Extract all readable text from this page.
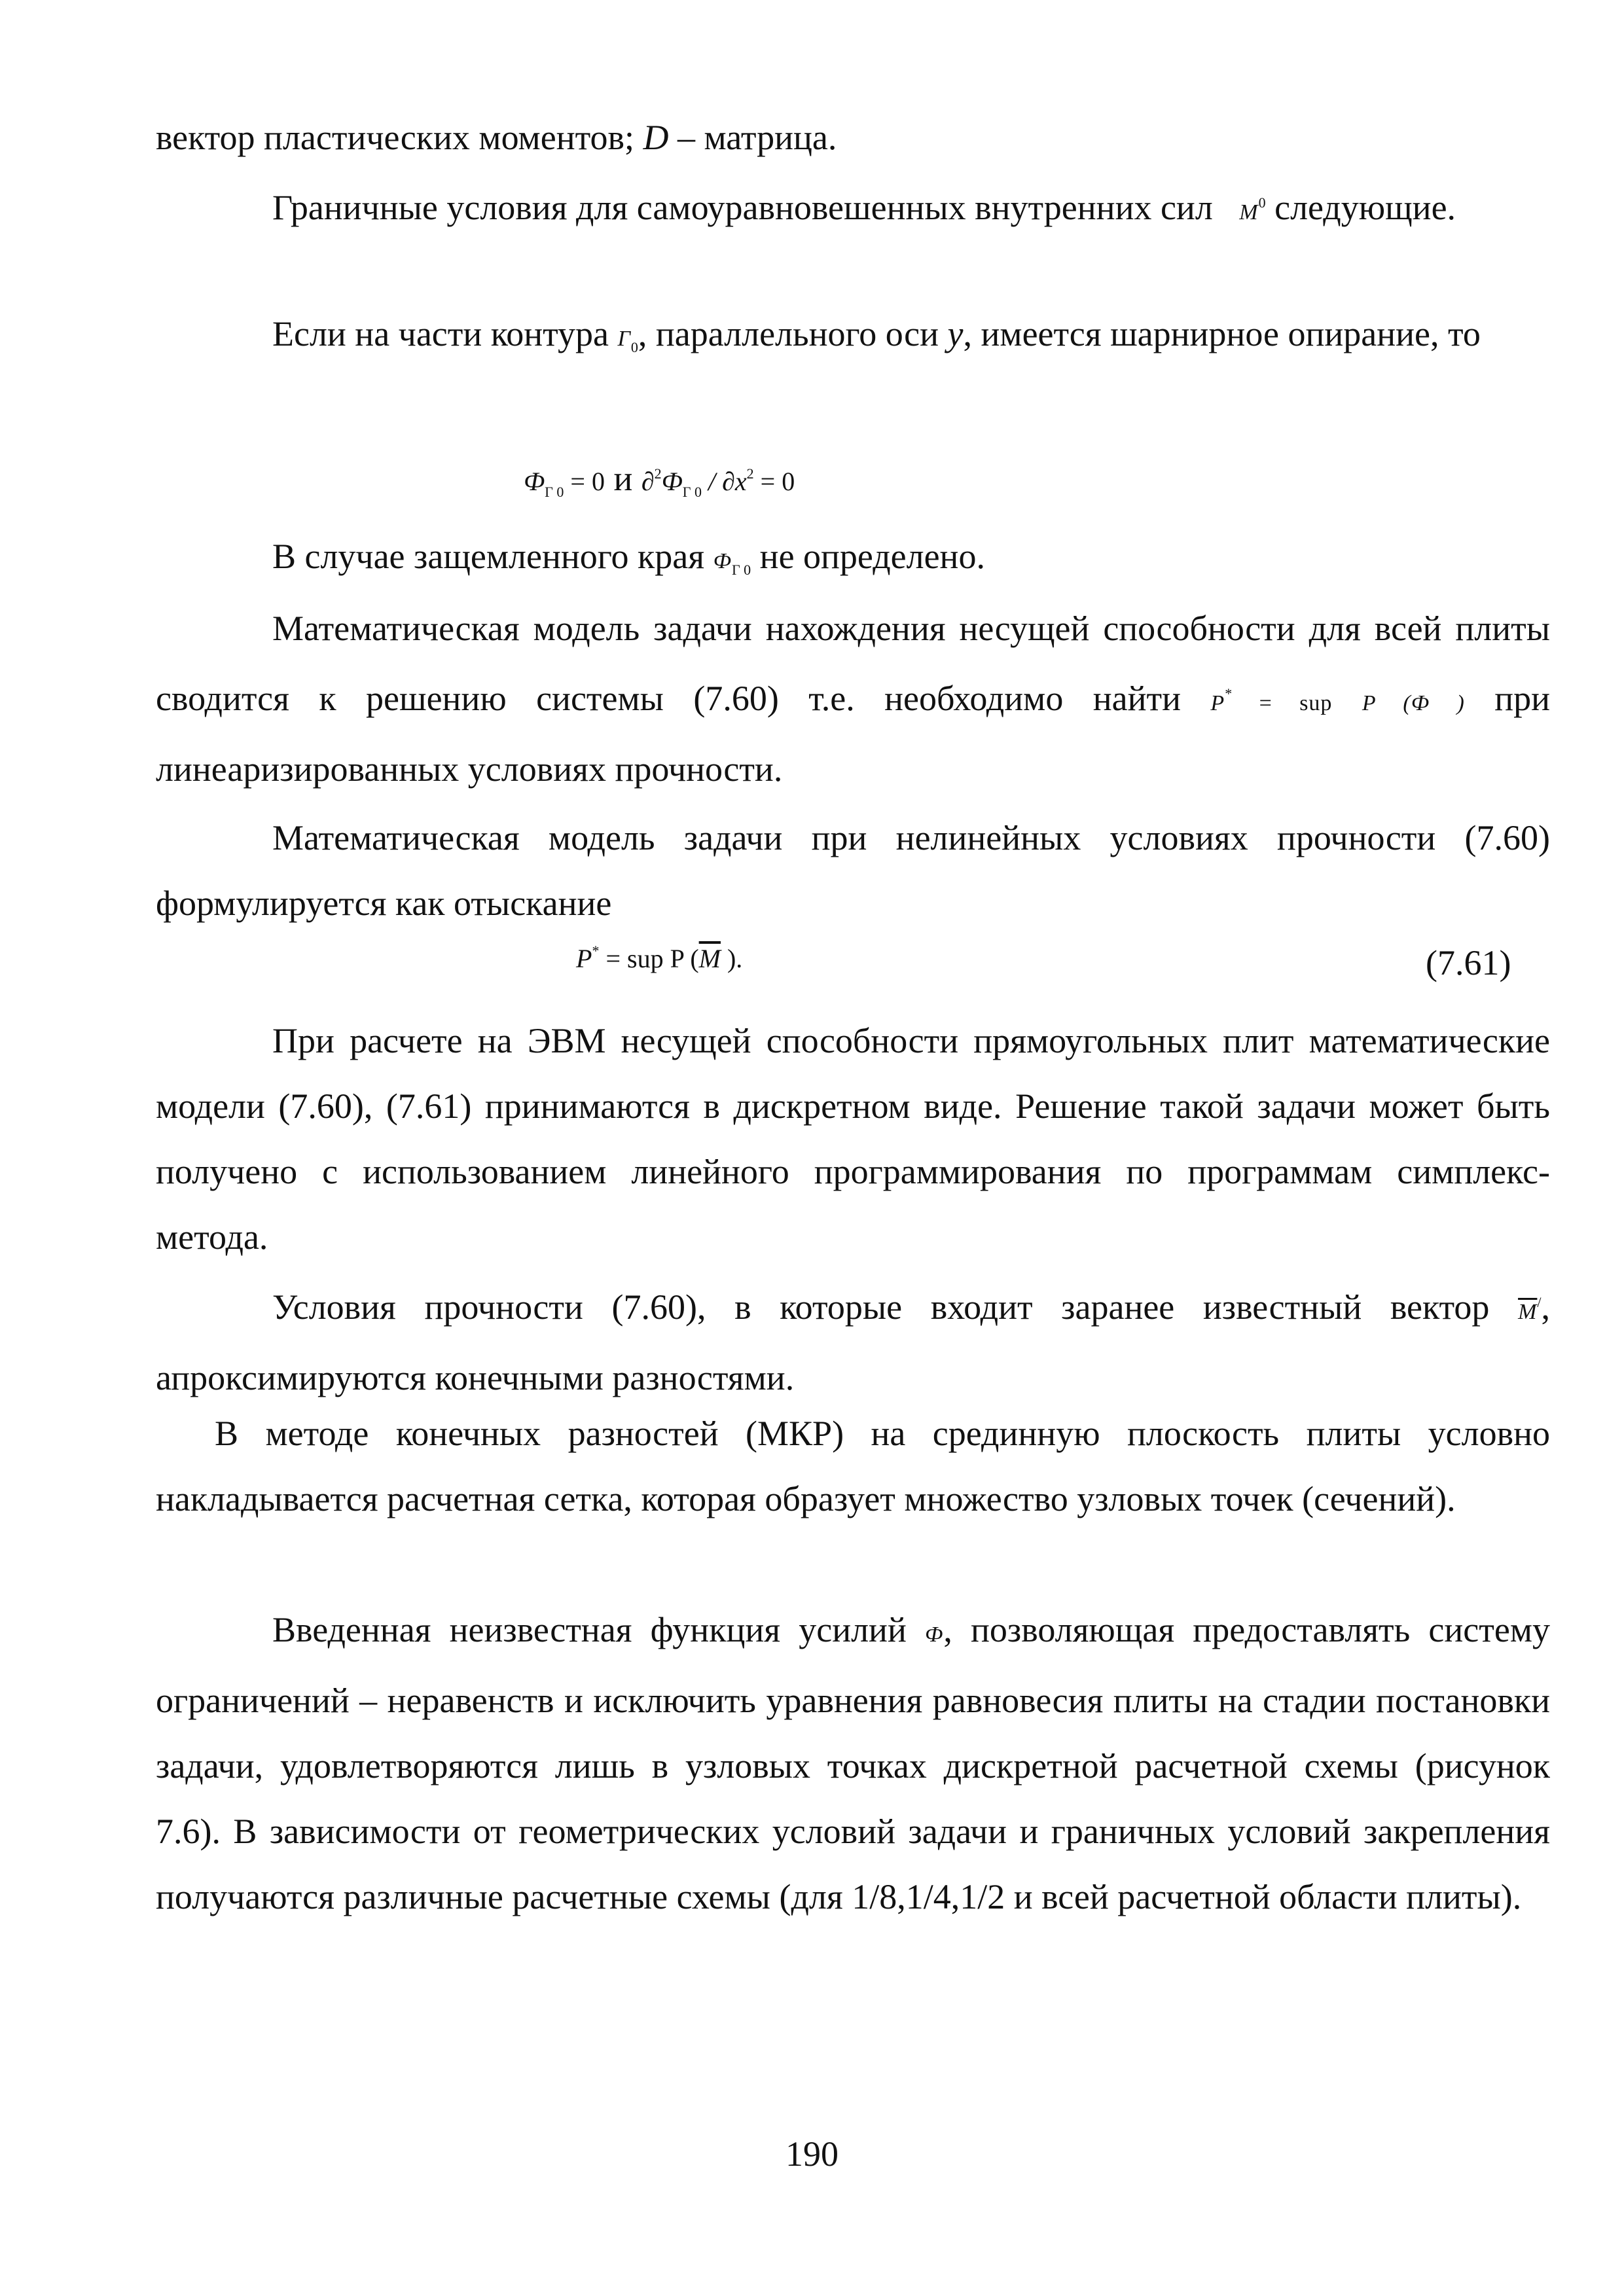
вектор пластических моментов; D – матрица.

Граничные условия для самоуравновешенных внутренних сил $M^0$ следующие.

Если на части контура $Г_0$, параллельного оси y, имеется шарнирное опирание, то

$Ф_{Г 0} = 0$ и $\partial^2Ф_{Г 0} / \partial x^2 = 0$

В случае защемленного края $Ф_{Г 0}$ не определено.

Математическая модель задачи нахождения несущей способности для всей плиты сводится к решению системы (7.60) т.е. необходимо найти P* = sup P (Ф ) при линеаризированных условиях прочности.

Математическая модель задачи при нелинейных условиях прочности (7.60) формулируется как отыскание

P* = sup P ($\overline{M}$ ).	(7.61)

При расчете на ЭВМ несущей способности прямоугольных плит математические модели (7.60), (7.61) принимаются в дискретном виде. Решение такой задачи может быть получено с использованием линейного программирования по программам симплекс-метода.

Условия прочности (7.60), в которые входит заранее известный вектор $\overline{M}^/$, апроксимируются конечными разностями.

В методе конечных разностей (МКР) на срединную плоскость плиты условно накладывается расчетная сетка, которая образует множество узловых точек (сечений).

Введенная неизвестная функция усилий Ф, позволяющая предоставлять систему ограничений – неравенств и исключить уравнения равновесия плиты на стадии постановки задачи, удовлетворяются лишь в узловых точках дискретной расчетной схемы (рисунок 7.6). В зависимости от геометрических условий задачи и граничных условий закрепления получаются различные расчетные схемы (для 1/8,1/4,1/2 и всей расчетной области плиты).

190
